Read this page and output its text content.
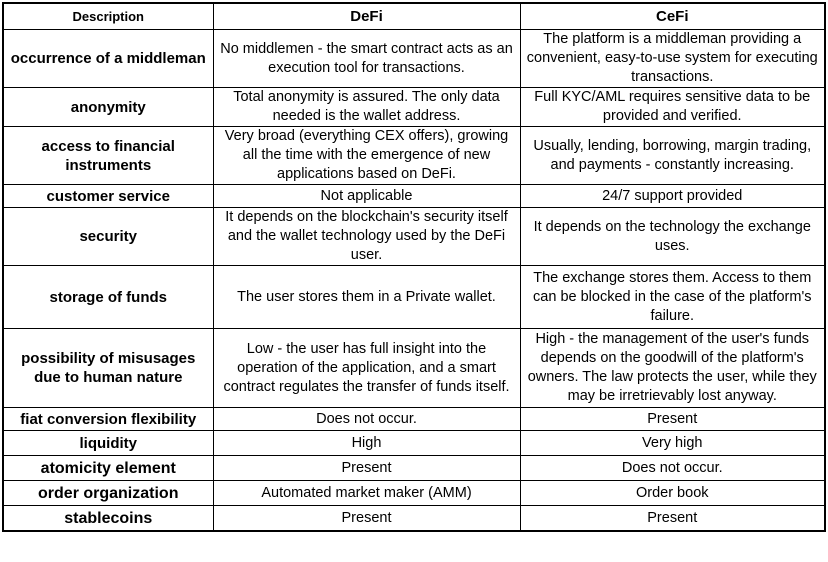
Description	DeFi	CeFi
occurrence of a middleman	No middlemen - the smart contract acts as an execution tool for transactions.	The platform is a middleman providing a convenient, easy-to-use system for executing transactions.
anonymity	Total anonymity is assured. The only data needed is the wallet address.	Full KYC/AML requires sensitive data to be provided and verified.
access to financial instruments	Very broad (everything CEX offers), growing all the time with the emergence of new applications based on DeFi.	Usually, lending, borrowing, margin trading, and payments - constantly increasing.
customer service	Not applicable	24/7 support provided
security	It depends on the blockchain's security itself and the wallet technology used by the DeFi user.	It depends on the technology the exchange uses.
storage of funds	The user stores them in a Private wallet.	The exchange stores them. Access to them can be blocked in the case of the platform's failure.
possibility of misusages due to human nature	Low - the user has full insight into the operation of the application, and a smart contract regulates the transfer of funds itself.	High - the management of the user's funds depends on the goodwill of the platform's owners. The law protects the user, while they may be irretrievably lost anyway.
fiat conversion flexibility	Does not occur.	Present
liquidity	High	Very high
atomicity element	Present	Does not occur.
order organization	Automated market maker (AMM)	Order book
stablecoins	Present	Present
